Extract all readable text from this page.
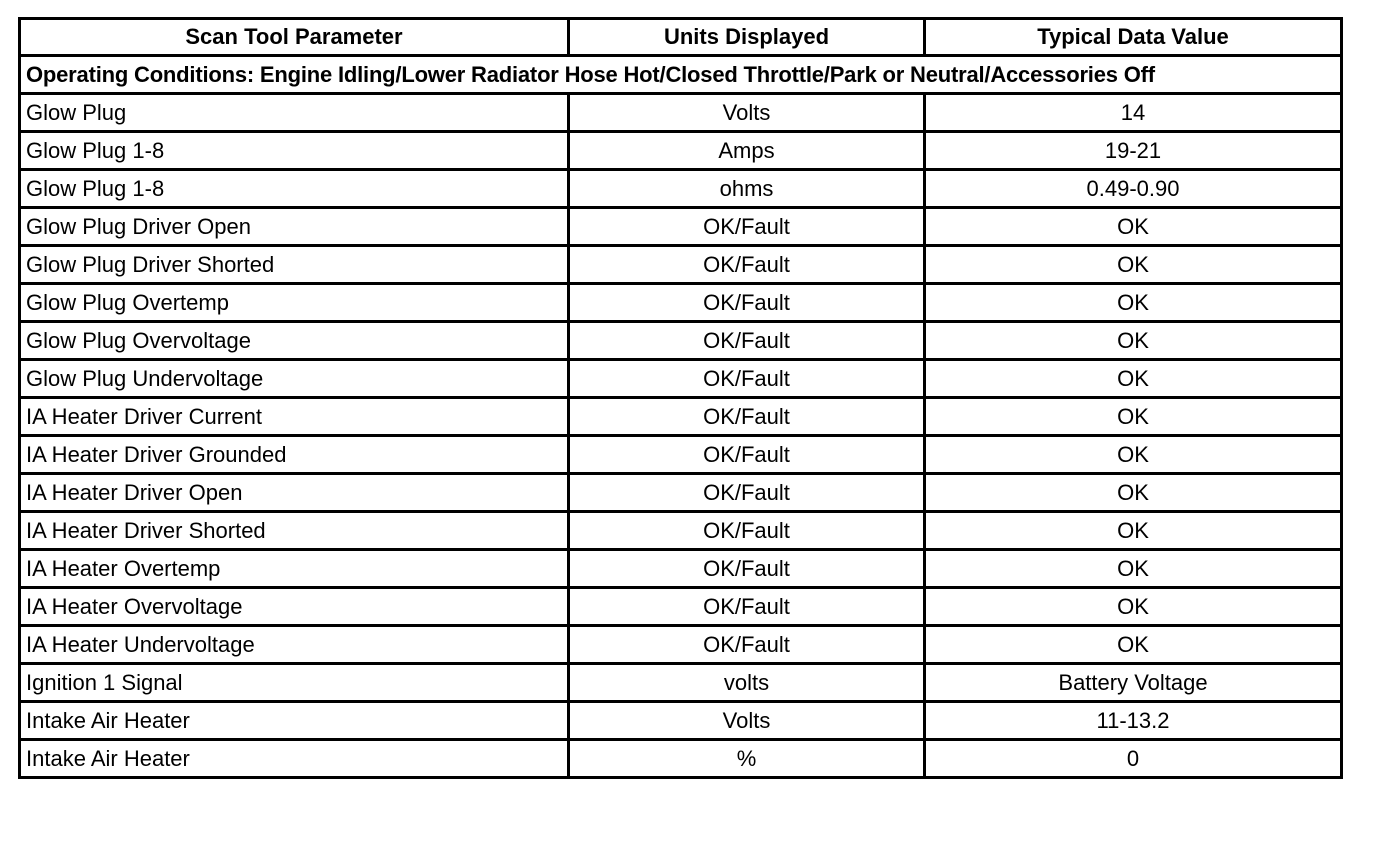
Scan Tool Parameter	Units Displayed	Typical Data Value
Operating Conditions: Engine Idling/Lower Radiator Hose Hot/Closed Throttle/Park or Neutral/Accessories Off		
Glow Plug	Volts	14
Glow Plug 1-8	Amps	19-21
Glow Plug 1-8	ohms	0.49-0.90
Glow Plug Driver Open	OK/Fault	OK
Glow Plug Driver Shorted	OK/Fault	OK
Glow Plug Overtemp	OK/Fault	OK
Glow Plug Overvoltage	OK/Fault	OK
Glow Plug Undervoltage	OK/Fault	OK
IA Heater Driver Current	OK/Fault	OK
IA Heater Driver Grounded	OK/Fault	OK
IA Heater Driver Open	OK/Fault	OK
IA Heater Driver Shorted	OK/Fault	OK
IA Heater Overtemp	OK/Fault	OK
IA Heater Overvoltage	OK/Fault	OK
IA Heater Undervoltage	OK/Fault	OK
Ignition 1 Signal	volts	Battery Voltage
Intake Air Heater	Volts	11-13.2
Intake Air Heater	%	0
